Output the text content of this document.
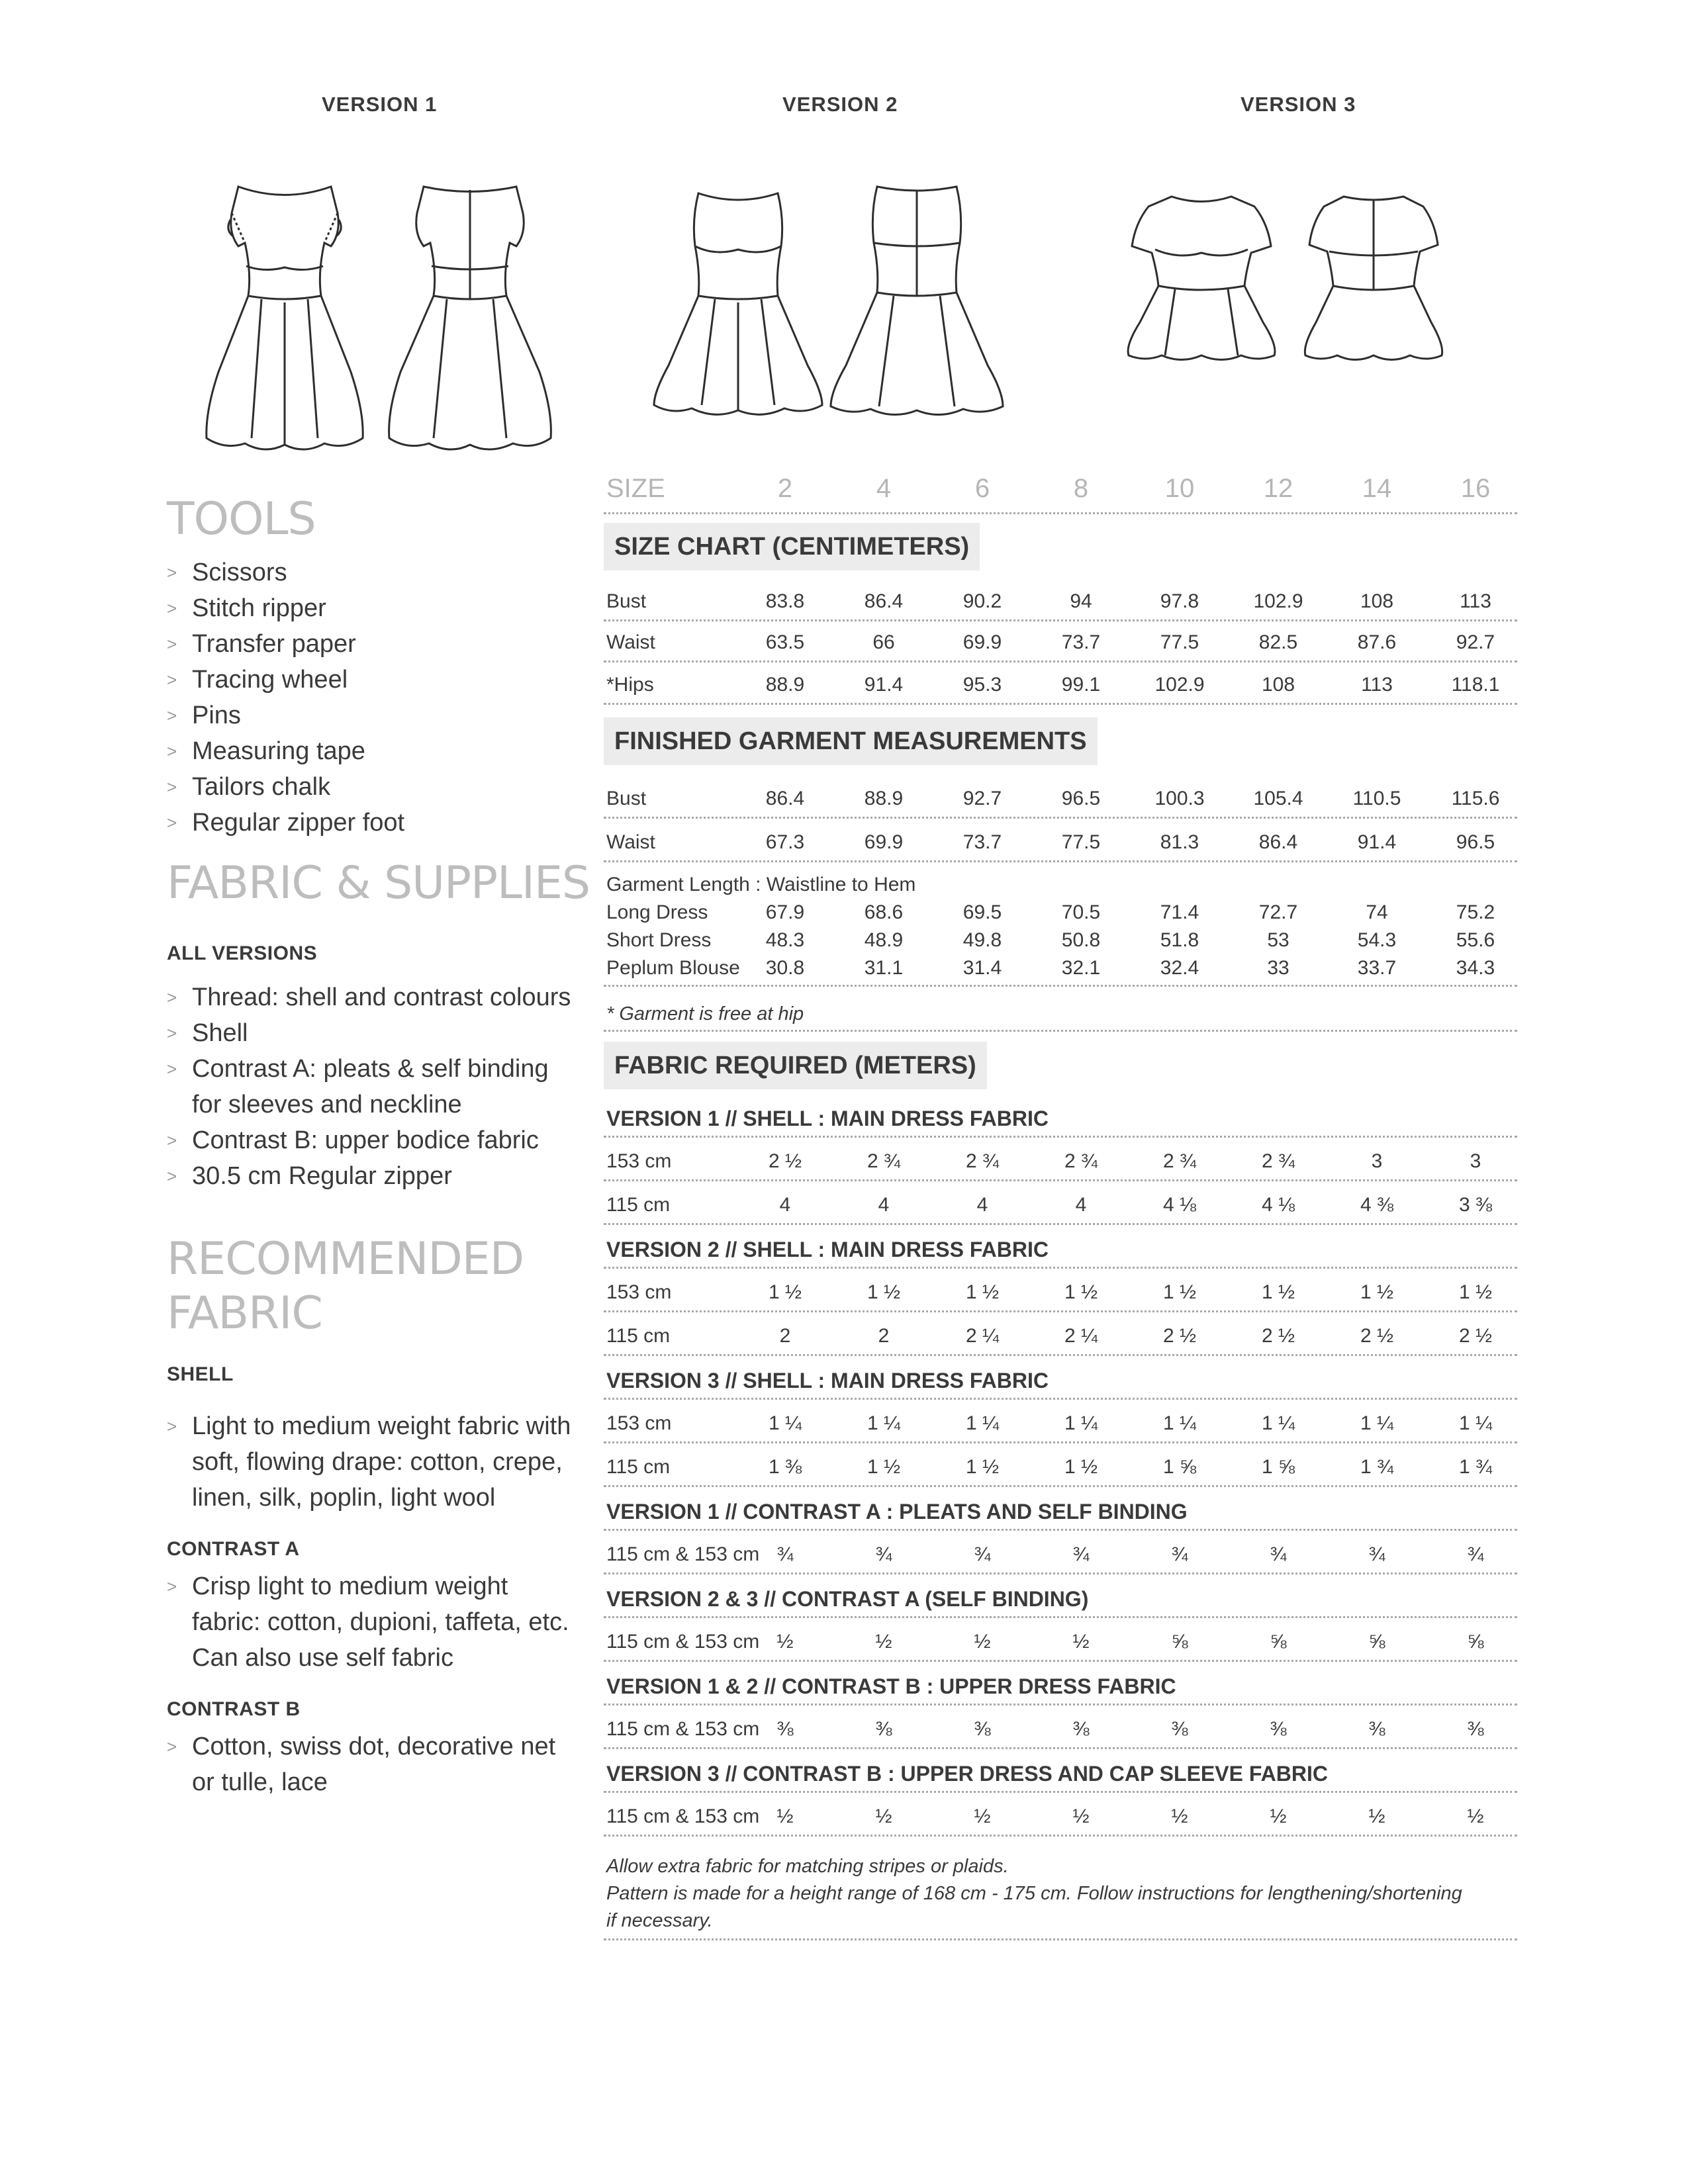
VERSION 1	VERSION 2	VERSION 3
TOOLS
> Scissors
> Stitch ripper
> Transfer paper
> Tracing wheel
> Pins
> Measuring tape
> Tailors chalk
> Regular zipper foot
FABRIC & SUPPLIES
ALL VERSIONS
> Thread: shell and contrast colours
> Shell
> Contrast A: pleats & self binding
for sleeves and neckline
> Contrast B: upper bodice fabric
> 30.5 cm Regular zipper
RECOMMENDED
FABRIC
SHELL
> Light to medium weight fabric with
soft, flowing drape: cotton, crepe,
linen, silk, poplin, light wool
CONTRAST A
> Crisp light to medium weight
fabric: cotton, dupioni, taffeta, etc.
Can also use self fabric
CONTRAST B
> Cotton, swiss dot, decorative net
or tulle, lace
SIZE	2	4	6	8	10	12	14	16
SIZE CHART (CENTIMETERS)
Bust	83.8	86.4	90.2	94	97.8	102.9	108	113
Waist	63.5	66	69.9	73.7	77.5	82.5	87.6	92.7
*Hips	88.9	91.4	95.3	99.1	102.9	108	113	118.1
FINISHED GARMENT MEASUREMENTS
Bust	86.4	88.9	92.7	96.5	100.3	105.4	110.5	115.6
Waist	67.3	69.9	73.7	77.5	81.3	86.4	91.4	96.5
Garment Length : Waistline to Hem
Long Dress	67.9	68.6	69.5	70.5	71.4	72.7	74	75.2
Short Dress	48.3	48.9	49.8	50.8	51.8	53	54.3	55.6
Peplum Blouse	30.8	31.1	31.4	32.1	32.4	33	33.7	34.3
* Garment is free at hip
FABRIC REQUIRED (METERS)
VERSION 1 // SHELL : MAIN DRESS FABRIC
153 cm	2 ½	2 ¾	2 ¾	2 ¾	2 ¾	2 ¾	3	3
115 cm	4	4	4	4	4 ⅛	4 ⅛	4 ⅜	3 ⅜
VERSION 2 // SHELL : MAIN DRESS FABRIC
153 cm	1 ½	1 ½	1 ½	1 ½	1 ½	1 ½	1 ½	1 ½
115 cm	2	2	2 ¼	2 ¼	2 ½	2 ½	2 ½	2 ½
VERSION 3 // SHELL : MAIN DRESS FABRIC
153 cm	1 ¼	1 ¼	1 ¼	1 ¼	1 ¼	1 ¼	1 ¼	1 ¼
115 cm	1 ⅜	1 ½	1 ½	1 ½	1 ⅝	1 ⅝	1 ¾	1 ¾
VERSION 1 // CONTRAST A : PLEATS AND SELF BINDING
115 cm & 153 cm ¾	¾	¾	¾	¾	¾	¾	¾
VERSION 2 & 3 // CONTRAST A (SELF BINDING)
115 cm & 153 cm ½	½	½	½	⅝	⅝	⅝	⅝
VERSION 1 & 2 // CONTRAST B : UPPER DRESS FABRIC
115 cm & 153 cm ⅜	⅜	⅜	⅜	⅜	⅜	⅜	⅜
VERSION 3 // CONTRAST B : UPPER DRESS AND CAP SLEEVE FABRIC
115 cm & 153 cm ½	½	½	½	½	½	½	½
Allow extra fabric for matching stripes or plaids.
Pattern is made for a height range of 168 cm - 175 cm. Follow instructions for lengthening/shortening
if necessary.
